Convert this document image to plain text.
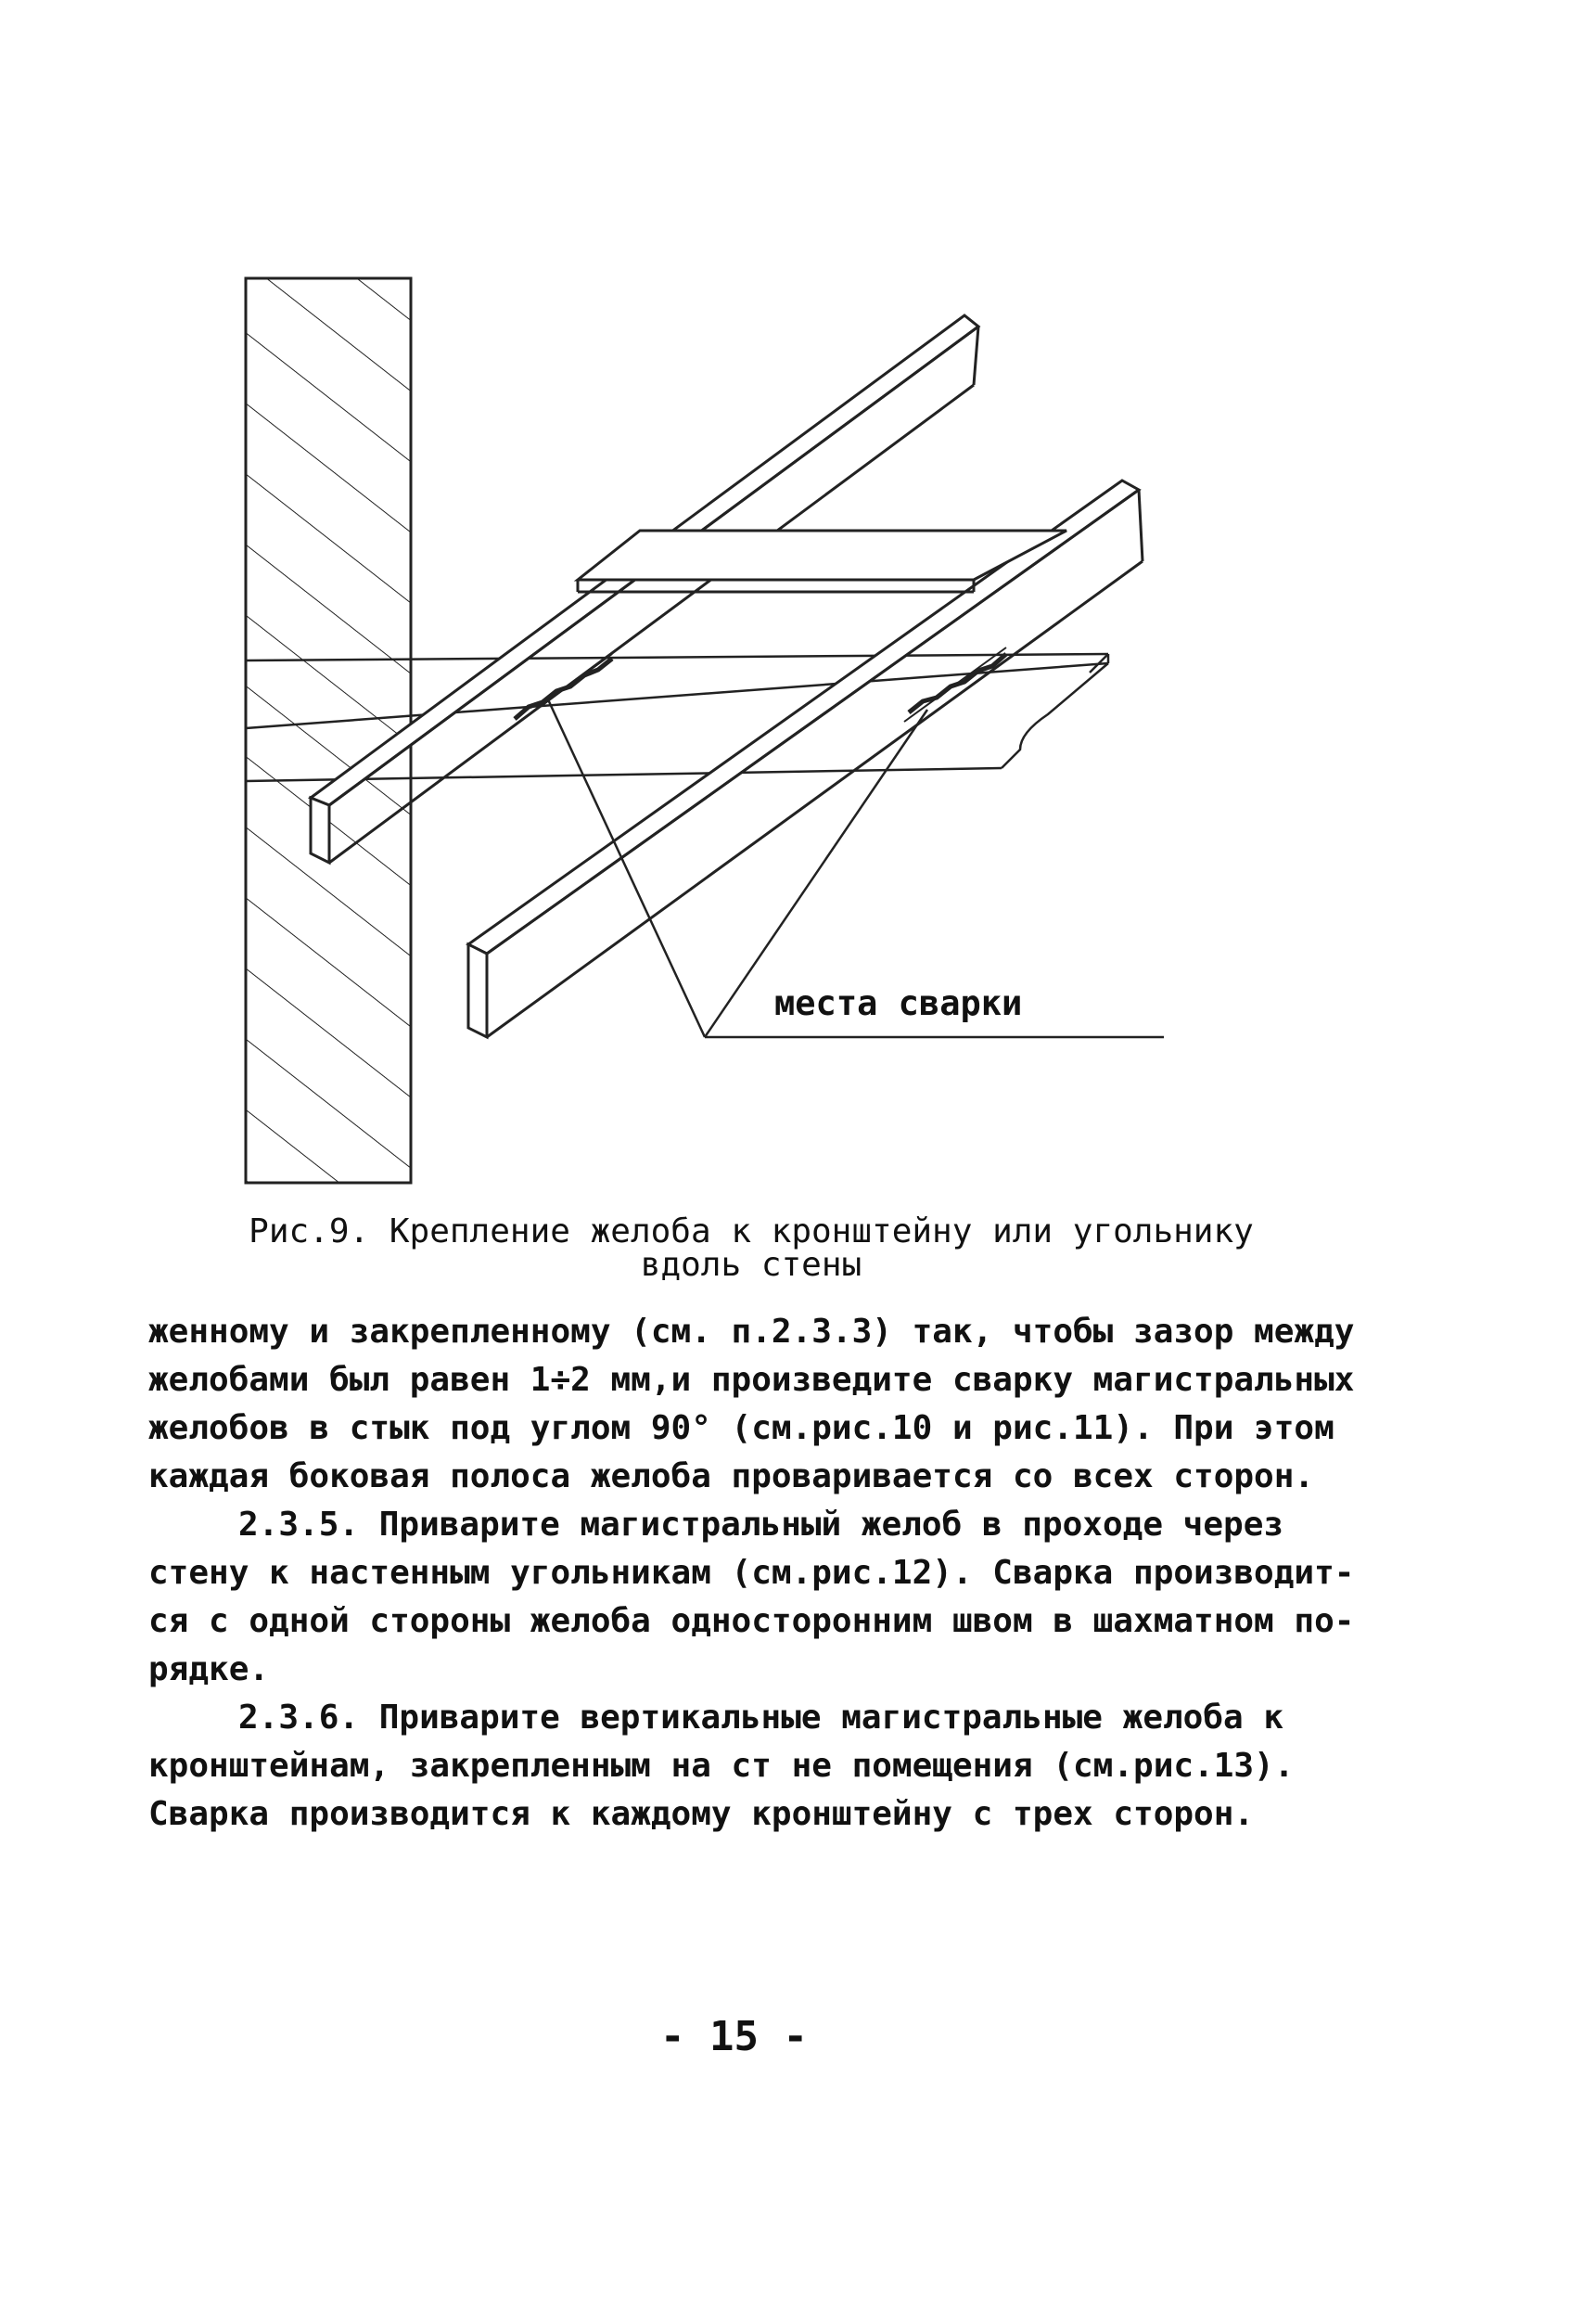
места сварки
Рис.9. Крепление желоба к кронштейну или угольнику
вдоль стены
женному и закрепленному (см. п.2.3.3) так, чтобы зазор между
желобами был равен 1÷2 мм,и произведите сварку магистральных
желобов в стык под углом 90° (см.рис.10 и рис.11). При этом
каждая боковая полоса желоба проваривается со всех сторон.
2.3.5. Приварите магистральный желоб в проходе через
стену к настенным угольникам (см.рис.12). Сварка производит-
ся с одной стороны желоба односторонним швом в шахматном по-
рядке.
2.3.6. Приварите вертикальные магистральные желоба к
кронштейнам, закрепленным на ст не помещения (см.рис.13).
Сварка производится к каждому кронштейну с трех сторон.
- 15 -
